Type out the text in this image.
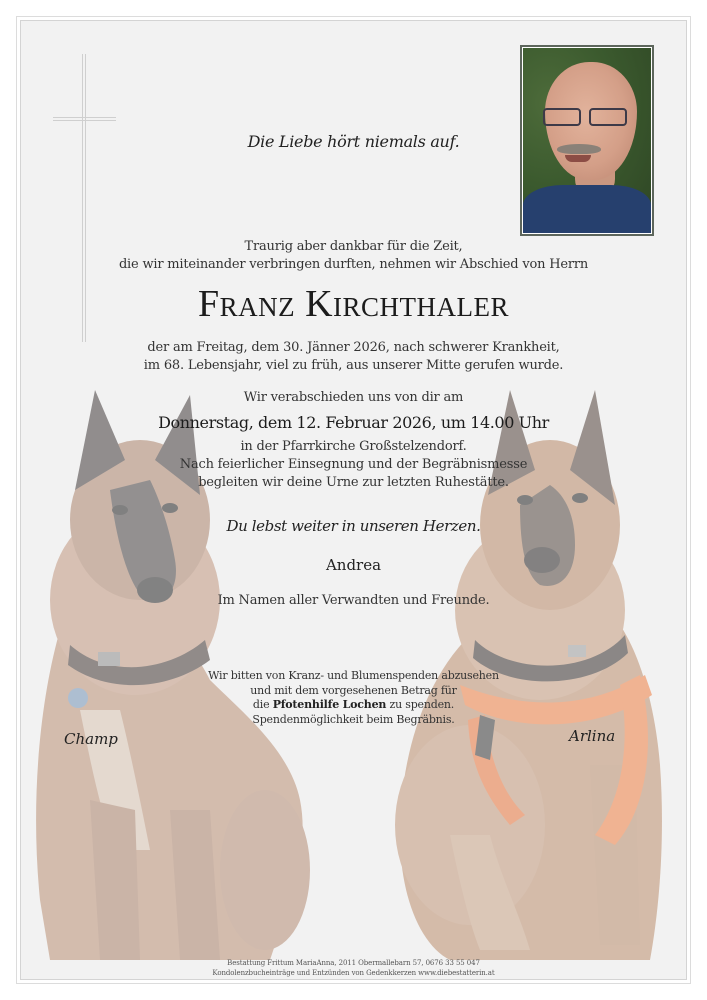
Die Liebe hört niemals auf.
Traurig aber dankbar für die Zeit,
die wir miteinander verbringen durften, nehmen wir Abschied von Herrn
Franz Kirchthaler
der am Freitag, dem 30. Jänner 2026, nach schwerer Krankheit,
im 68. Lebensjahr, viel zu früh, aus unserer Mitte gerufen wurde.
Wir verabschieden uns von dir am
Donnerstag, dem 12. Februar 2026, um 14.00 Uhr
in der Pfarrkirche Großstelzendorf.
Nach feierlicher Einsegnung und der Begräbnismesse
begleiten wir deine Urne zur letzten Ruhestätte.
Du lebst weiter in unseren Herzen.
Andrea
Im Namen aller Verwandten und Freunde.
Wir bitten von Kranz- und Blumenspenden abzusehen
und mit dem vorgesehenen Betrag für
die Pfotenhilfe Lochen zu spenden.
Spendenmöglichkeit beim Begräbnis.
Champ	Arlina
Bestattung Frittum MariaAnna, 2011 Obermallebarn 57, 0676 33 55 047
Kondolenzbucheinträge und Entzünden von Gedenkkerzen www.diebestatterin.at
